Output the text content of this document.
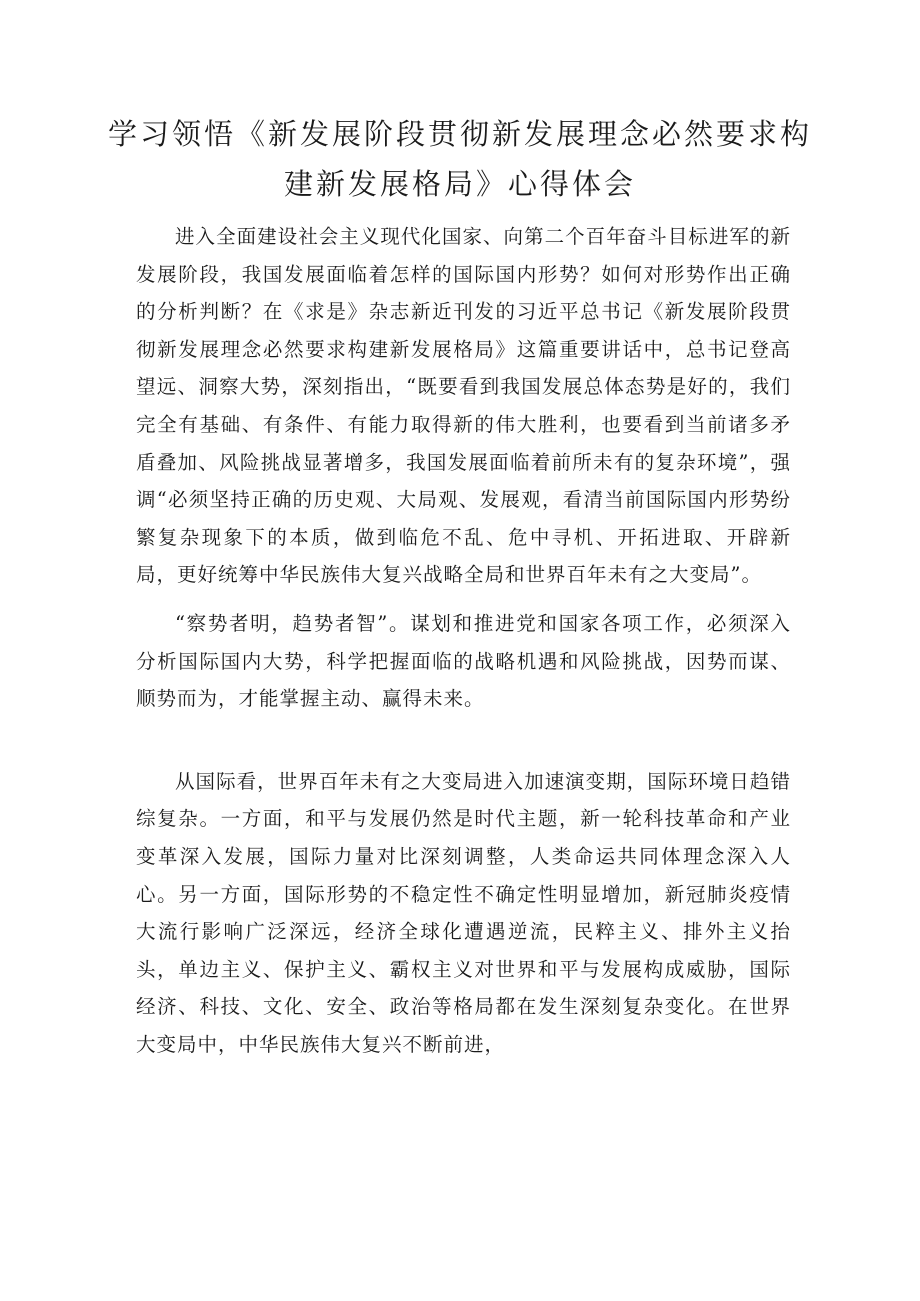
学习领悟《新发展阶段贯彻新发展理念必然要求构
建新发展格局》心得体会

进入全面建设社会主义现代化国家、向第二个百年奋斗目标进军的新发展阶段，我国发展面临着怎样的国际国内形势？如何对形势作出正确的分析判断？在《求是》杂志新近刊发的习近平总书记《新发展阶段贯彻新发展理念必然要求构建新发展格局》这篇重要讲话中，总书记登高望远、洞察大势，深刻指出，“既要看到我国发展总体态势是好的，我们完全有基础、有条件、有能力取得新的伟大胜利，也要看到当前诸多矛盾叠加、风险挑战显著增多，我国发展面临着前所未有的复杂环境”，强调“必须坚持正确的历史观、大局观、发展观，看清当前国际国内形势纷繁复杂现象下的本质，做到临危不乱、危中寻机、开拓进取、开辟新局，更好统筹中华民族伟大复兴战略全局和世界百年未有之大变局”。

“察势者明，趋势者智”。谋划和推进党和国家各项工作，必须深入分析国际国内大势，科学把握面临的战略机遇和风险挑战，因势而谋、顺势而为，才能掌握主动、赢得未来。

从国际看，世界百年未有之大变局进入加速演变期，国际环境日趋错综复杂。一方面，和平与发展仍然是时代主题，新一轮科技革命和产业变革深入发展，国际力量对比深刻调整，人类命运共同体理念深入人心。另一方面，国际形势的不稳定性不确定性明显增加，新冠肺炎疫情大流行影响广泛深远，经济全球化遭遇逆流，民粹主义、排外主义抬头，单边主义、保护主义、霸权主义对世界和平与发展构成威胁，国际经济、科技、文化、安全、政治等格局都在发生深刻复杂变化。在世界大变局中，中华民族伟大复兴不断前进，
